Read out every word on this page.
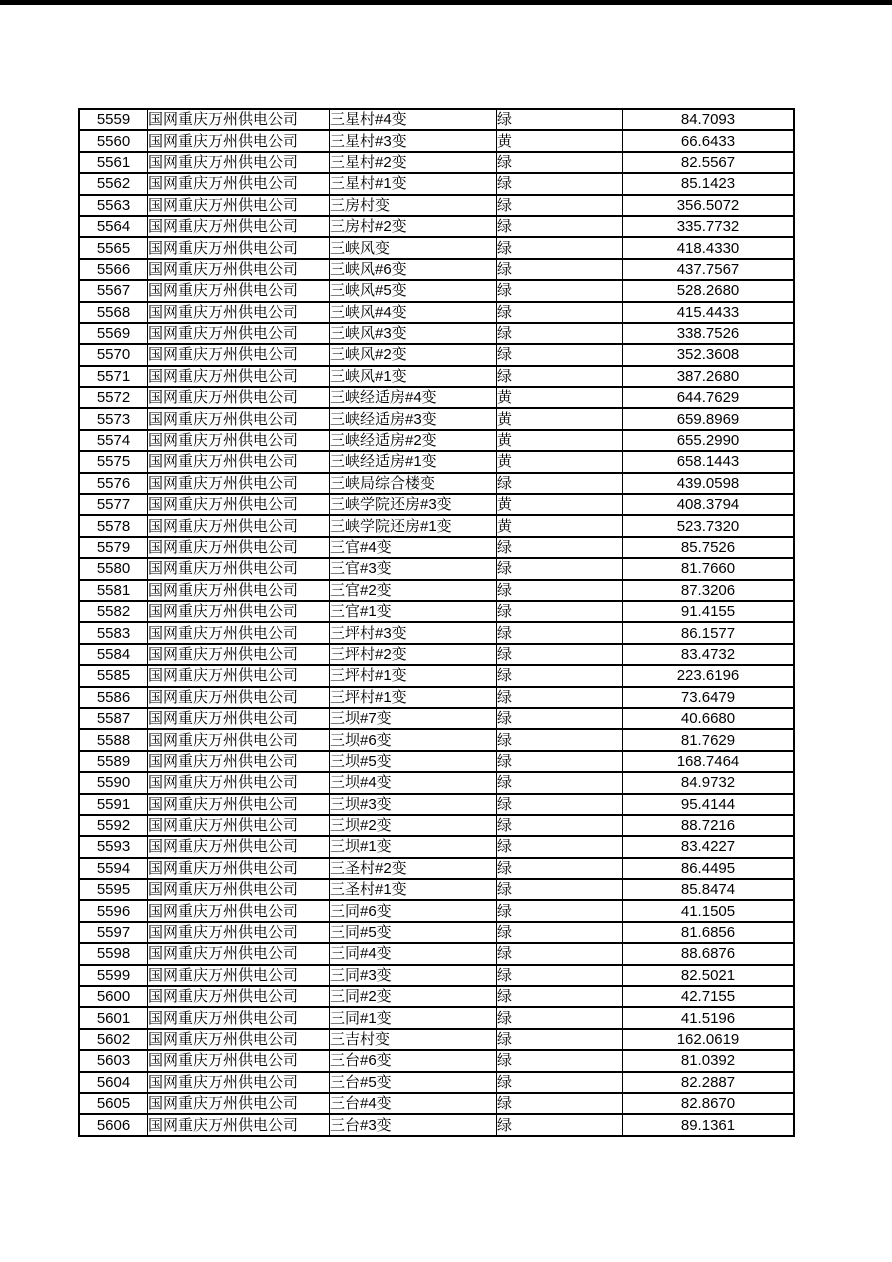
5559	国网重庆万州供电公司	三星村#4变	绿	84.7093
5560	国网重庆万州供电公司	三星村#3变	黄	66.6433
5561	国网重庆万州供电公司	三星村#2变	绿	82.5567
5562	国网重庆万州供电公司	三星村#1变	绿	85.1423
5563	国网重庆万州供电公司	三房村变	绿	356.5072
5564	国网重庆万州供电公司	三房村#2变	绿	335.7732
5565	国网重庆万州供电公司	三峡风变	绿	418.4330
5566	国网重庆万州供电公司	三峡风#6变	绿	437.7567
5567	国网重庆万州供电公司	三峡风#5变	绿	528.2680
5568	国网重庆万州供电公司	三峡风#4变	绿	415.4433
5569	国网重庆万州供电公司	三峡风#3变	绿	338.7526
5570	国网重庆万州供电公司	三峡风#2变	绿	352.3608
5571	国网重庆万州供电公司	三峡风#1变	绿	387.2680
5572	国网重庆万州供电公司	三峡经适房#4变	黄	644.7629
5573	国网重庆万州供电公司	三峡经适房#3变	黄	659.8969
5574	国网重庆万州供电公司	三峡经适房#2变	黄	655.2990
5575	国网重庆万州供电公司	三峡经适房#1变	黄	658.1443
5576	国网重庆万州供电公司	三峡局综合楼变	绿	439.0598
5577	国网重庆万州供电公司	三峡学院还房#3变	黄	408.3794
5578	国网重庆万州供电公司	三峡学院还房#1变	黄	523.7320
5579	国网重庆万州供电公司	三官#4变	绿	85.7526
5580	国网重庆万州供电公司	三官#3变	绿	81.7660
5581	国网重庆万州供电公司	三官#2变	绿	87.3206
5582	国网重庆万州供电公司	三官#1变	绿	91.4155
5583	国网重庆万州供电公司	三坪村#3变	绿	86.1577
5584	国网重庆万州供电公司	三坪村#2变	绿	83.4732
5585	国网重庆万州供电公司	三坪村#1变	绿	223.6196
5586	国网重庆万州供电公司	三坪村#1变	绿	73.6479
5587	国网重庆万州供电公司	三坝#7变	绿	40.6680
5588	国网重庆万州供电公司	三坝#6变	绿	81.7629
5589	国网重庆万州供电公司	三坝#5变	绿	168.7464
5590	国网重庆万州供电公司	三坝#4变	绿	84.9732
5591	国网重庆万州供电公司	三坝#3变	绿	95.4144
5592	国网重庆万州供电公司	三坝#2变	绿	88.7216
5593	国网重庆万州供电公司	三坝#1变	绿	83.4227
5594	国网重庆万州供电公司	三圣村#2变	绿	86.4495
5595	国网重庆万州供电公司	三圣村#1变	绿	85.8474
5596	国网重庆万州供电公司	三同#6变	绿	41.1505
5597	国网重庆万州供电公司	三同#5变	绿	81.6856
5598	国网重庆万州供电公司	三同#4变	绿	88.6876
5599	国网重庆万州供电公司	三同#3变	绿	82.5021
5600	国网重庆万州供电公司	三同#2变	绿	42.7155
5601	国网重庆万州供电公司	三同#1变	绿	41.5196
5602	国网重庆万州供电公司	三吉村变	绿	162.0619
5603	国网重庆万州供电公司	三台#6变	绿	81.0392
5604	国网重庆万州供电公司	三台#5变	绿	82.2887
5605	国网重庆万州供电公司	三台#4变	绿	82.8670
5606	国网重庆万州供电公司	三台#3变	绿	89.1361
